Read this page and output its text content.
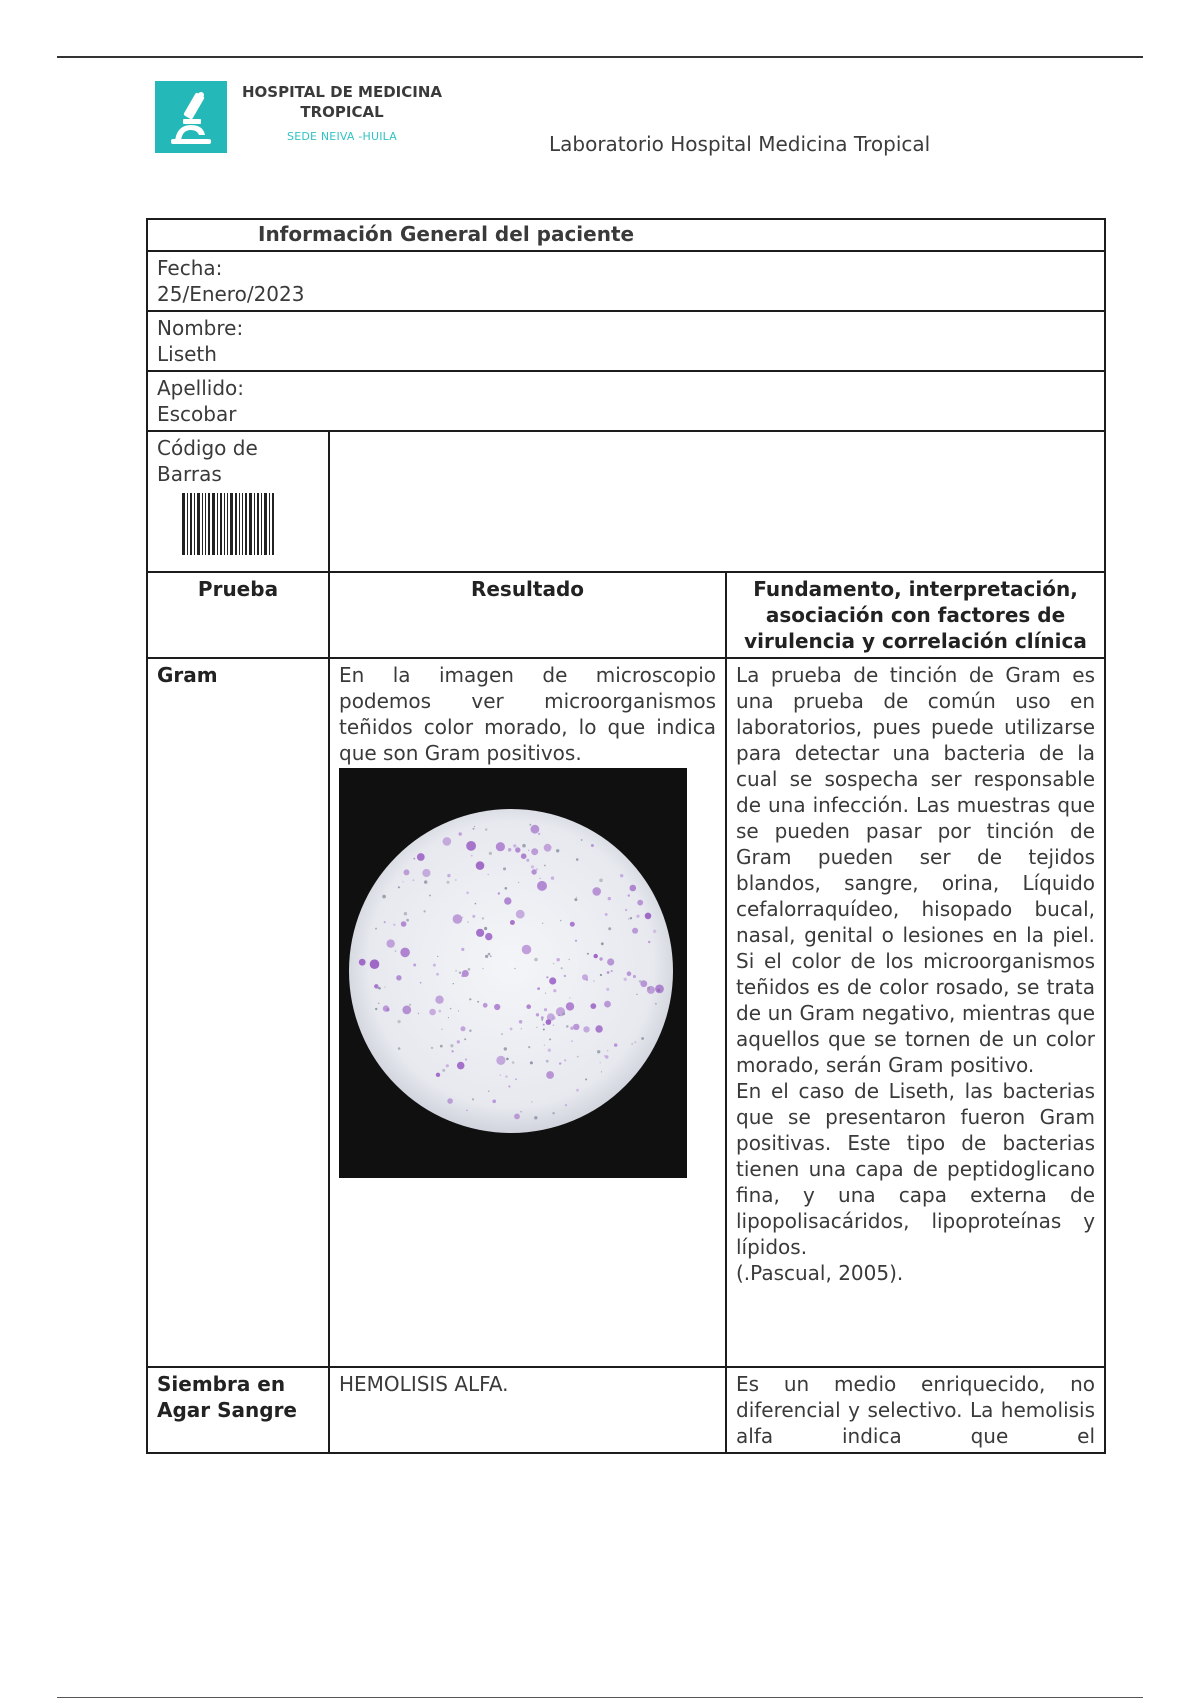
HOSPITAL DE MEDICINA
TROPICAL
SEDE NEIVA -HUILA	Laboratorio Hospital Medicina Tropical
Información General del paciente		

Fecha:
25/Enero/2023		

Nombre:
Liseth		

Apellido:
Escobar		

Código de
Barras		

Prueba	Resultado	Fundamento, interpretación, asociación con factores de virulencia y correlación clínica
Gram	En la imagen de microscopio podemos ver microorganismos teñidos color morado, lo que indica que son Gram positivos.	La prueba de tinción de Gram es una prueba de común uso en laboratorios, pues puede utilizarse para detectar una bacteria de la cual se sospecha ser responsable de una infección. Las muestras que se pueden pasar por tinción de Gram pueden ser de tejidos blandos, sangre, orina, Líquido cefalorraquídeo, hisopado bucal, nasal, genital o lesiones en la piel. Si el color de los microorganismos teñidos es de color rosado, se trata de un Gram negativo, mientras que aquellos que se tornen de un color morado, serán Gram positivo.
En el caso de Liseth, las bacterias que se presentaron fueron Gram positivas. Este tipo de bacterias tienen una capa de peptidoglicano fina, y una capa externa de lipopolisacáridos, lipoproteínas y lípidos.
(.Pascual, 2005).

Siembra en Agar Sangre	HEMOLISIS ALFA.	Es un medio enriquecido, no diferencial y selectivo. La hemolisis alfa indica que el
